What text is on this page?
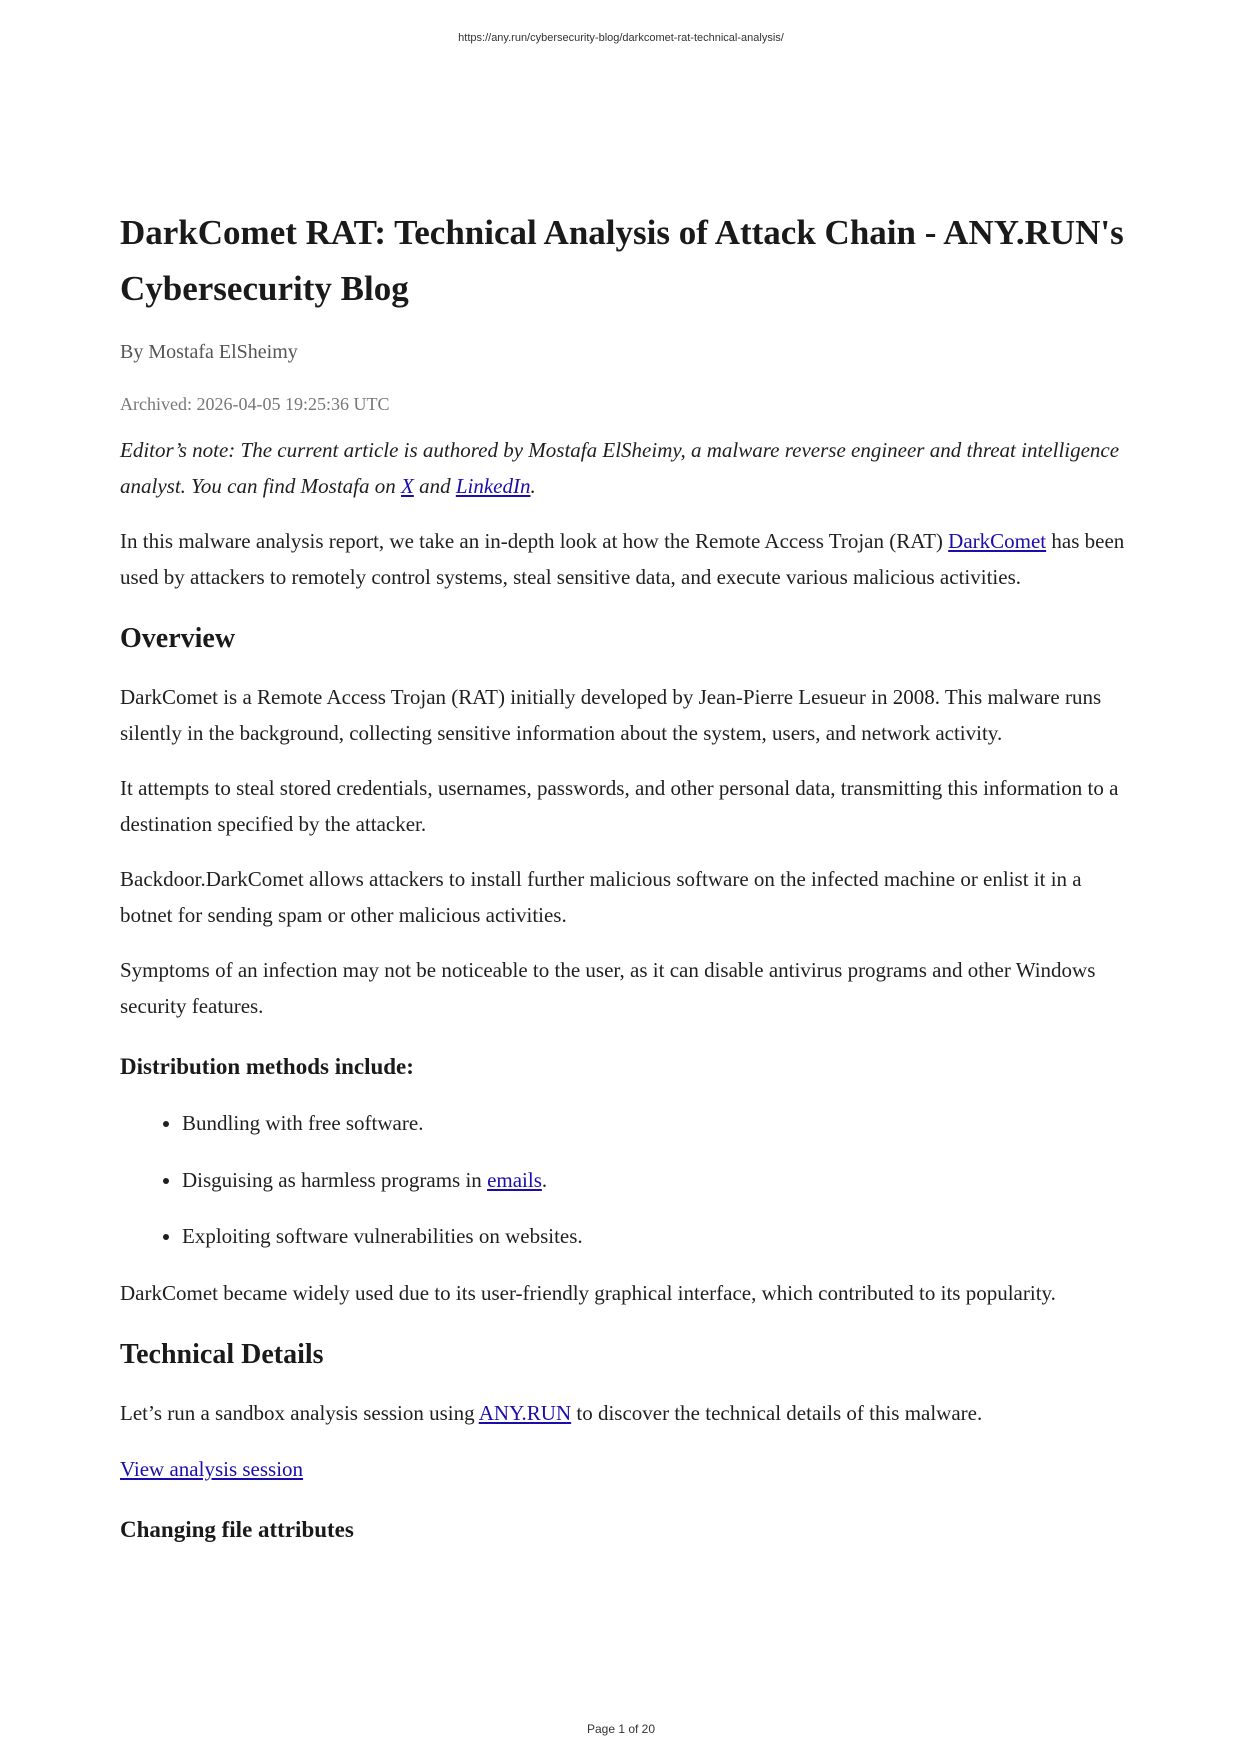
https://any.run/cybersecurity-blog/darkcomet-rat-technical-analysis/
DarkComet RAT: Technical Analysis of Attack Chain - ANY.RUN's Cybersecurity Blog
By Mostafa ElSheimy
Archived: 2026-04-05 19:25:36 UTC

Editor’s note: The current article is authored by Mostafa ElSheimy, a malware reverse engineer and threat intelligence analyst. You can find Mostafa on X and LinkedIn.

In this malware analysis report, we take an in-depth look at how the Remote Access Trojan (RAT) DarkComet has been used by attackers to remotely control systems, steal sensitive data, and execute various malicious activities.

Overview

DarkComet is a Remote Access Trojan (RAT) initially developed by Jean-Pierre Lesueur in 2008. This malware runs silently in the background, collecting sensitive information about the system, users, and network activity.

It attempts to steal stored credentials, usernames, passwords, and other personal data, transmitting this information to a destination specified by the attacker.

Backdoor.DarkComet allows attackers to install further malicious software on the infected machine or enlist it in a botnet for sending spam or other malicious activities.

Symptoms of an infection may not be noticeable to the user, as it can disable antivirus programs and other Windows security features.

Distribution methods include:
• Bundling with free software.
• Disguising as harmless programs in emails.
• Exploiting software vulnerabilities on websites.

DarkComet became widely used due to its user-friendly graphical interface, which contributed to its popularity.

Technical Details

Let’s run a sandbox analysis session using ANY.RUN to discover the technical details of this malware.

View analysis session

Changing file attributes
Page 1 of 20
